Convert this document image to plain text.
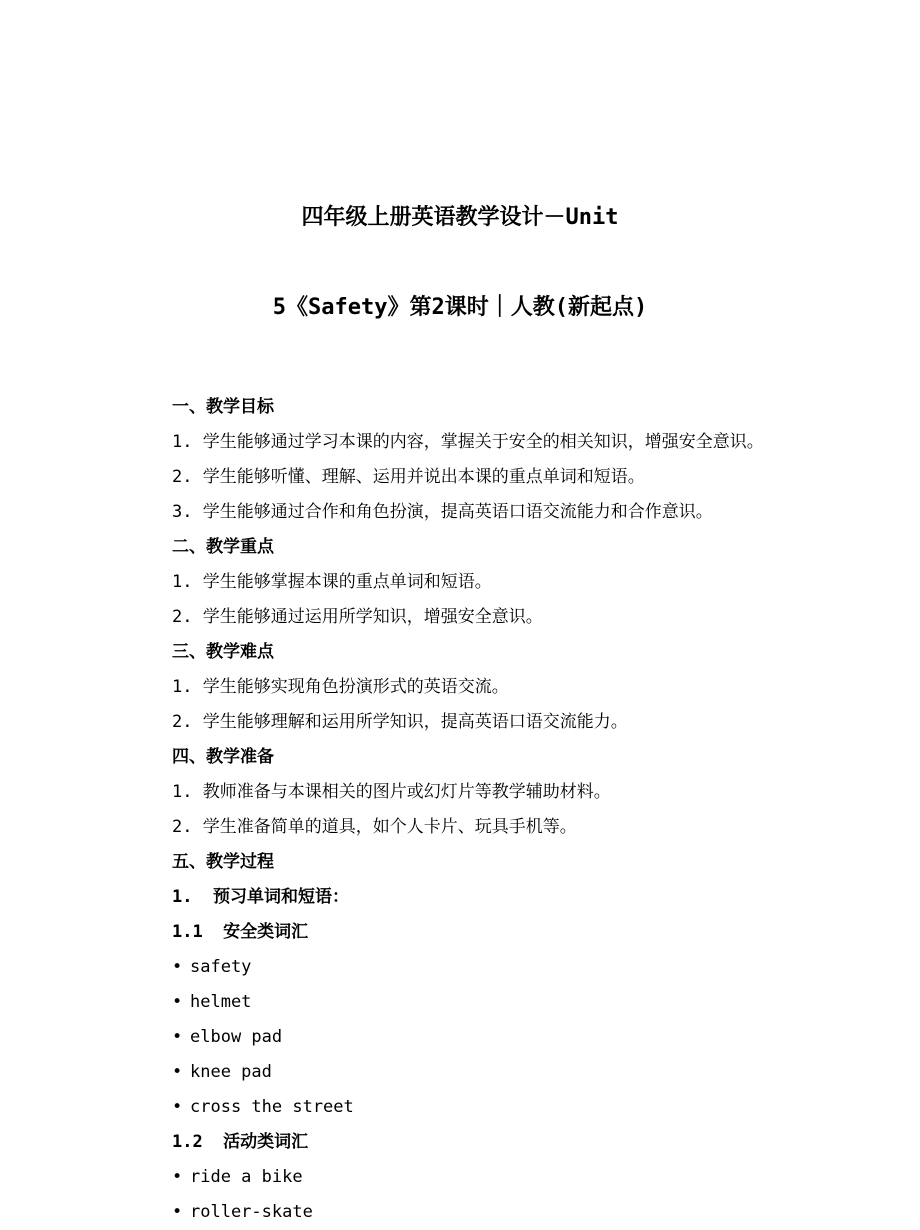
四年级上册英语教学设计－Unit

5《Safety》第2课时｜人教(新起点)

一、教学目标
1. 学生能够通过学习本课的内容，掌握关于安全的相关知识，增强安全意识。
2. 学生能够听懂、理解、运用并说出本课的重点单词和短语。
3. 学生能够通过合作和角色扮演，提高英语口语交流能力和合作意识。
二、教学重点
1. 学生能够掌握本课的重点单词和短语。
2. 学生能够通过运用所学知识，增强安全意识。
三、教学难点
1. 学生能够实现角色扮演形式的英语交流。
2. 学生能够理解和运用所学知识，提高英语口语交流能力。
四、教学准备
1. 教师准备与本课相关的图片或幻灯片等教学辅助材料。
2. 学生准备简单的道具，如个人卡片、玩具手机等。
五、教学过程
1.  预习单词和短语：
1.1  安全类词汇
• safety
• helmet
• elbow pad
• knee pad
• cross the street
1.2  活动类词汇
• ride a bike
• roller-skate
